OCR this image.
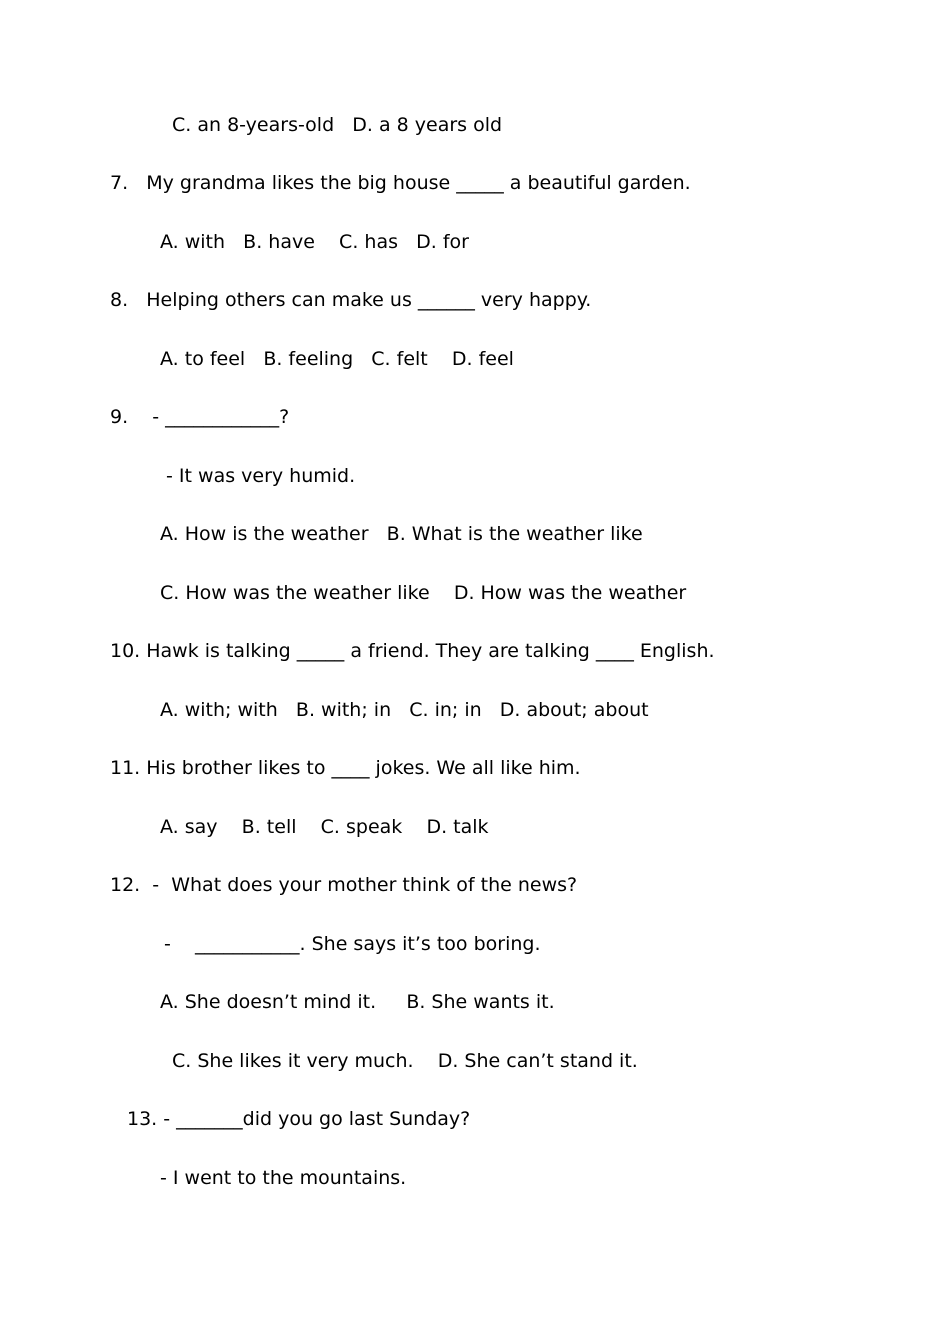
C. an 8-years-old   D. a 8 years old

7.   My grandma likes the big house _____ a beautiful garden.

A. with   B. have    C. has   D. for

8.   Helping others can make us ______ very happy.

A. to feel   B. feeling   C. felt    D. feel

9.    - ____________?

- It was very humid.

A. How is the weather   B. What is the weather like

C. How was the weather like    D. How was the weather

10. Hawk is talking _____ a friend. They are talking ____ English.

A. with; with   B. with; in   C. in; in   D. about; about

11. His brother likes to ____ jokes. We all like him.

A. say    B. tell    C. speak    D. talk

12.  -  What does your mother think of the news?

-    ___________. She says it’s too boring.

A. She doesn’t mind it.     B. She wants it.

C. She likes it very much.    D. She can’t stand it.

13. - _______did you go last Sunday?

- I went to the mountains.
